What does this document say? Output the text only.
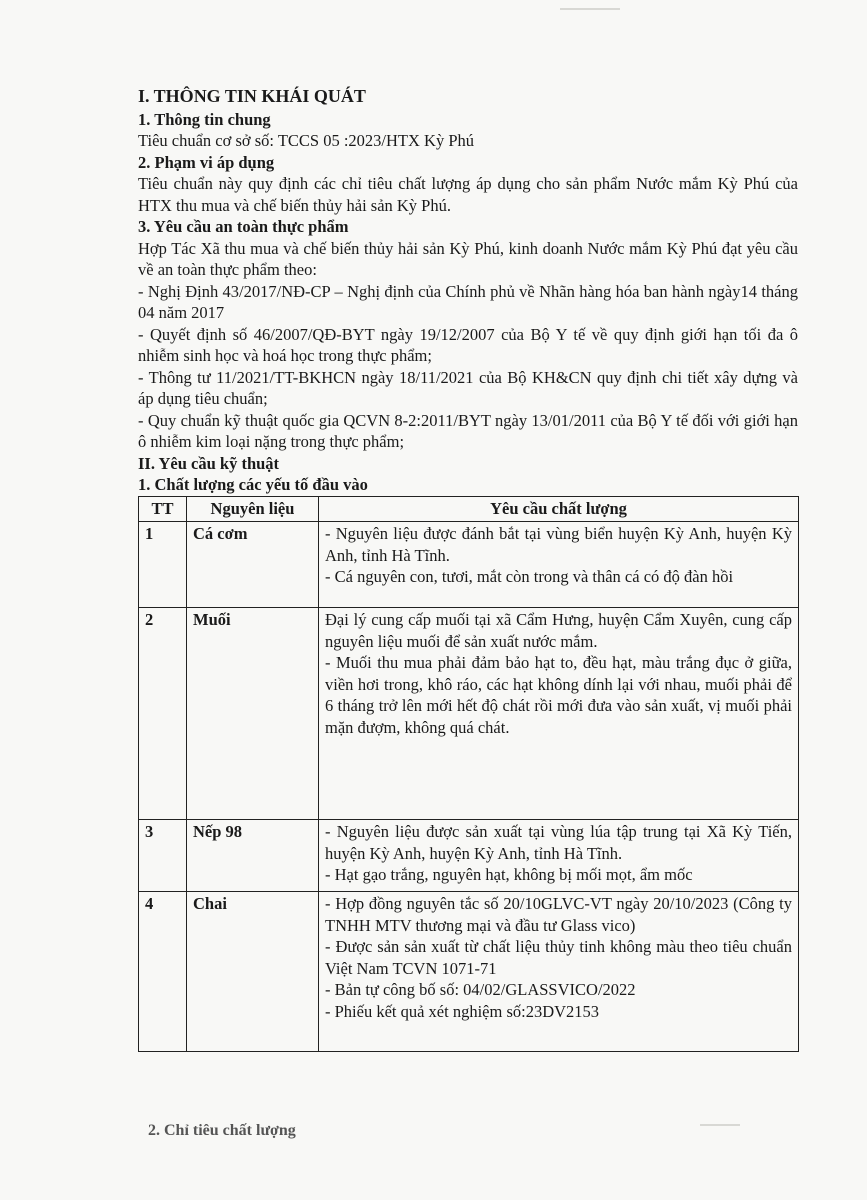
I. THÔNG TIN KHÁI QUÁT
1. Thông tin chung

Tiêu chuẩn cơ sở số: TCCS 05 :2023/HTX Kỳ Phú

2. Phạm vi áp dụng

Tiêu chuẩn này quy định các chỉ tiêu chất lượng áp dụng cho sản phẩm Nước mắm Kỳ Phú của HTX thu mua và chế biến thủy hải sản Kỳ Phú.

3. Yêu cầu an toàn thực phẩm

Hợp Tác Xã thu mua và chế biến thủy hải sản Kỳ Phú, kinh doanh Nước mắm Kỳ Phú đạt yêu cầu về an toàn thực phẩm theo:

- Nghị Định 43/2017/NĐ-CP – Nghị định của Chính phủ về Nhãn hàng hóa ban hành ngày14 tháng 04 năm 2017

- Quyết định số 46/2007/QĐ-BYT ngày 19/12/2007 của Bộ Y tế về quy định giới hạn tối đa ô nhiễm sinh học và hoá học trong thực phẩm;

- Thông tư 11/2021/TT-BKHCN ngày 18/11/2021 của Bộ KH&CN quy định chi tiết xây dựng và áp dụng tiêu chuẩn;

- Quy chuẩn kỹ thuật quốc gia QCVN 8-2:2011/BYT ngày 13/01/2011 của Bộ Y tế đối với giới hạn ô nhiễm kim loại nặng trong thực phẩm;

II. Yêu cầu kỹ thuật
1. Chất lượng các yếu tố đầu vào
TT	Nguyên liệu	Yêu cầu chất lượng
1	Cá cơm	- Nguyên liệu được đánh bắt tại vùng biển huyện Kỳ Anh, huyện Kỳ Anh, tỉnh Hà Tĩnh.

- Cá nguyên con, tươi, mắt còn trong và thân cá có độ đàn hồi

2	Muối	Đại lý cung cấp muối tại xã Cẩm Hưng, huyện Cẩm Xuyên, cung cấp nguyên liệu muối để sản xuất nước mắm.

- Muối thu mua phải đảm bảo hạt to, đều hạt, màu trắng đục ở giữa, viền hơi trong, khô ráo, các hạt không dính lại với nhau, muối phải để 6 tháng trở lên mới hết độ chát rồi mới đưa vào sản xuất, vị muối phải mặn đượm, không quá chát.

3	Nếp 98	- Nguyên liệu được sản xuất tại vùng lúa tập trung tại Xã Kỳ Tiến, huyện Kỳ Anh, huyện Kỳ Anh, tỉnh Hà Tĩnh.

- Hạt gạo trắng, nguyên hạt, không bị mối mọt, ẩm mốc

4	Chai	- Hợp đồng nguyên tắc số 20/10GLVC-VT ngày 20/10/2023 (Công ty TNHH MTV thương mại và đầu tư Glass vico)

- Được sản sản xuất từ chất liệu thủy tinh không màu theo tiêu chuẩn Việt Nam TCVN 1071-71

- Bản tự công bố số: 04/02/GLASSVICO/2022

- Phiếu kết quả xét nghiệm số:23DV2153

2. Chỉ tiêu chất lượng
